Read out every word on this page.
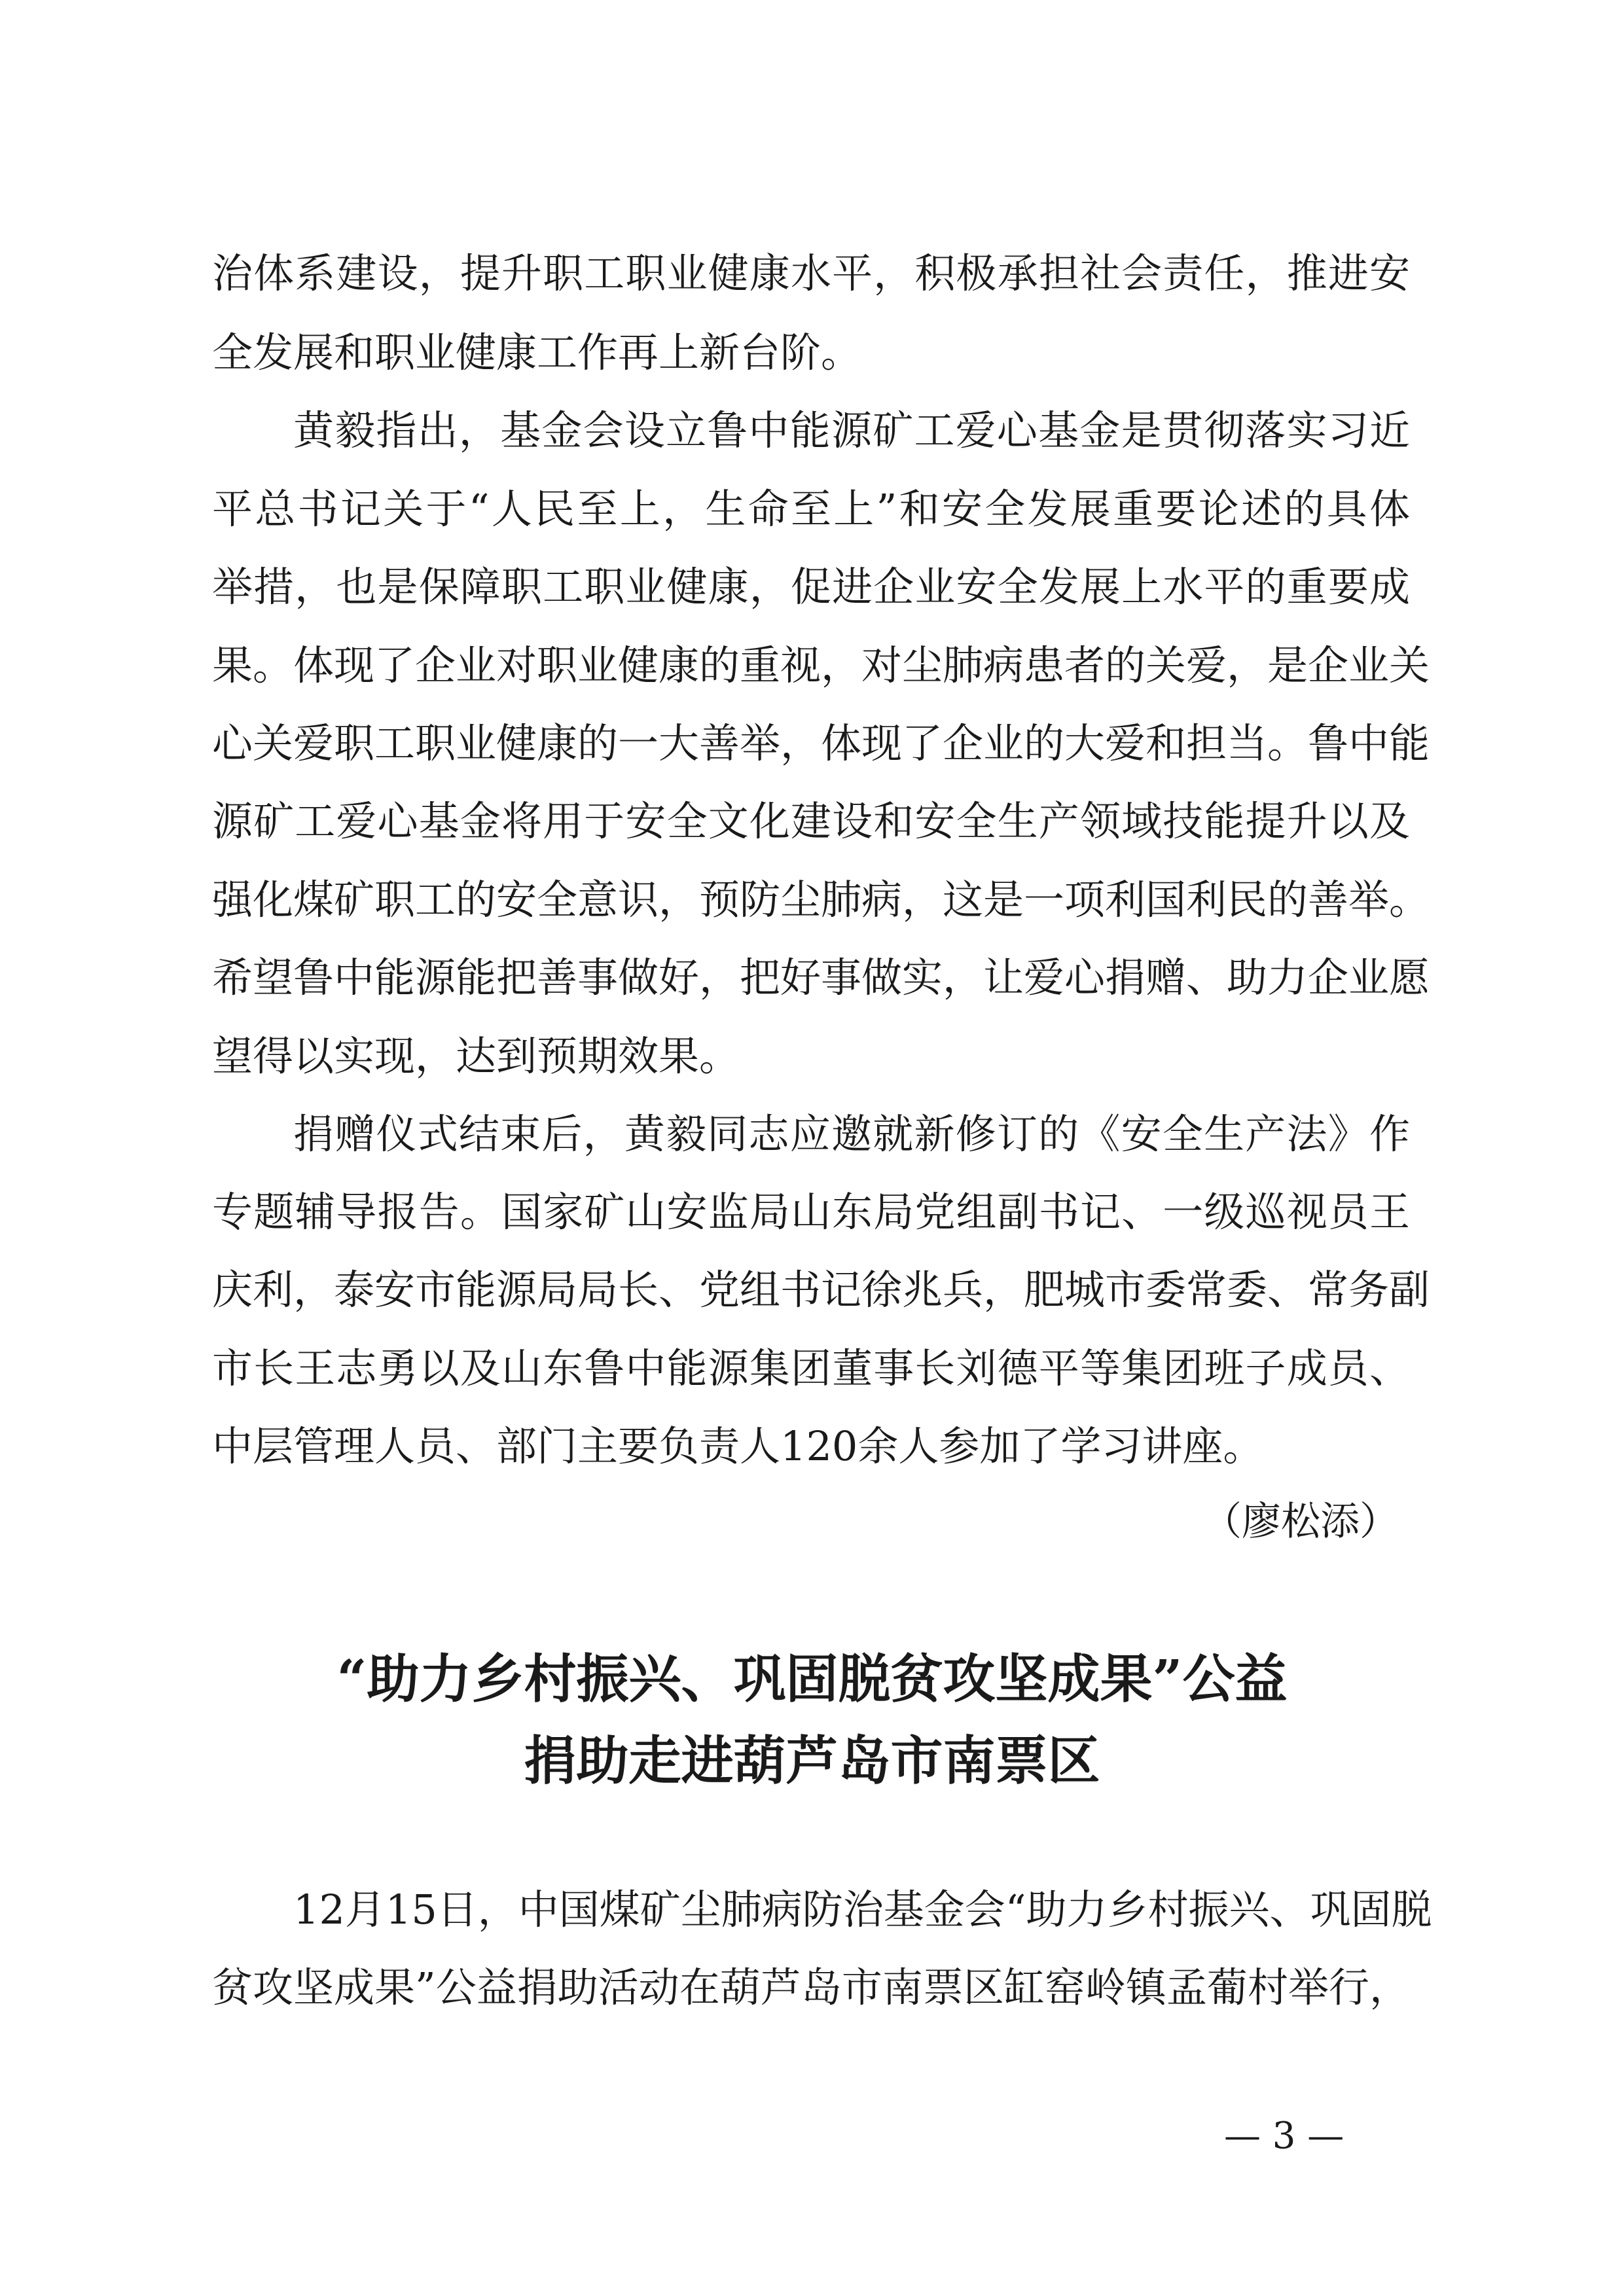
治体系建设，提升职工职业健康水平，积极承担社会责任，推进安

全发展和职业健康工作再上新台阶。

黄毅指出，基金会设立鲁中能源矿工爱心基金是贯彻落实习近

平总书记关于“人民至上，生命至上”和安全发展重要论述的具体

举措，也是保障职工职业健康，促进企业安全发展上水平的重要成

果。体现了企业对职业健康的重视，对尘肺病患者的关爱，是企业关

心关爱职工职业健康的一大善举，体现了企业的大爱和担当。鲁中能

源矿工爱心基金将用于安全文化建设和安全生产领域技能提升以及

强化煤矿职工的安全意识，预防尘肺病，这是一项利国利民的善举。

希望鲁中能源能把善事做好，把好事做实，让爱心捐赠、助力企业愿

望得以实现，达到预期效果。

捐赠仪式结束后，黄毅同志应邀就新修订的《安全生产法》作

专题辅导报告。国家矿山安监局山东局党组副书记、一级巡视员王

庆利，泰安市能源局局长、党组书记徐兆兵，肥城市委常委、常务副

市长王志勇以及山东鲁中能源集团董事长刘德平等集团班子成员、

中层管理人员、部门主要负责人120余人参加了学习讲座。

（廖松添）
“助力乡村振兴、巩固脱贫攻坚成果”公益
捐助走进葫芦岛市南票区

12月15日，中国煤矿尘肺病防治基金会“助力乡村振兴、巩固脱

贫攻坚成果”公益捐助活动在葫芦岛市南票区缸窑岭镇孟葡村举行，

— 3 —
